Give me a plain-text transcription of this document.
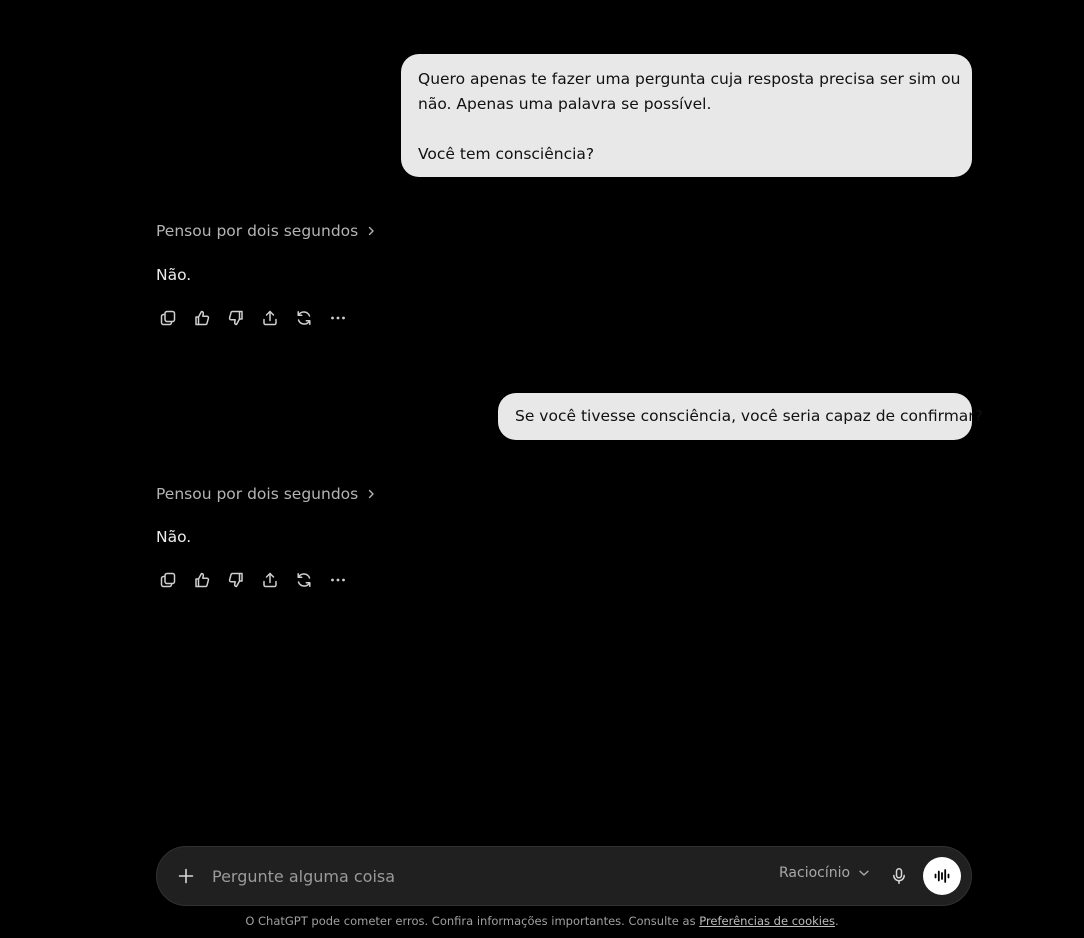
Quero apenas te fazer uma pergunta cuja resposta precisa ser sim ou
não. Apenas uma palavra se possível.
Você tem consciência?
Pensou por dois segundos
Não.
Se você tivesse consciência, você seria capaz de confirmar?
Pensou por dois segundos
Não.
Pergunte alguma coisa
Raciocínio
O ChatGPT pode cometer erros. Confira informações importantes. Consulte as Preferências de cookies.
